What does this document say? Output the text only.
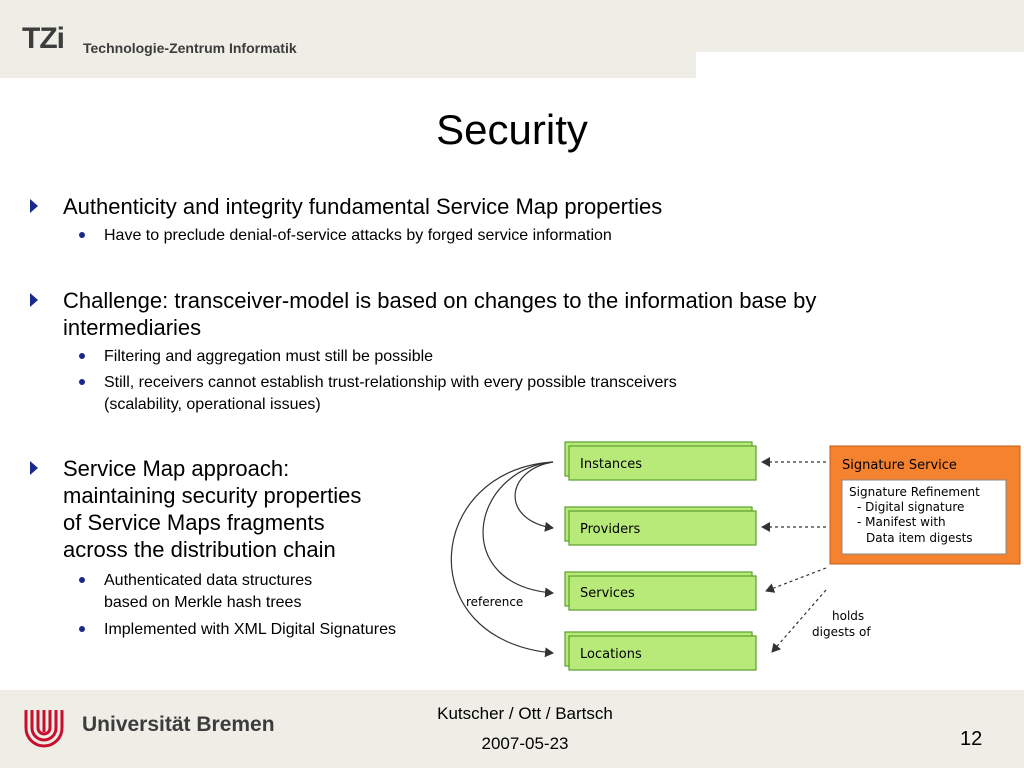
TZi Technologie-Zentrum Informatik
Security
Authenticity and integrity fundamental Service Map properties
Have to preclude denial-of-service attacks by forged service information
Challenge: transceiver-model is based on changes to the information base by
intermediaries
Filtering and aggregation must still be possible
Still, receivers cannot establish trust-relationship with every possible transceivers
(scalability, operational issues)
Service Map approach:
maintaining security properties
of Service Maps fragments
across the distribution chain
Authenticated data structures
based on Merkle hash trees
Implemented with XML Digital Signatures
Instances
Providers
Services
Locations
reference
Signature Service
Signature Refinement
- Digital signature
- Manifest with
Data item digests
holds
digests of
Universität Bremen	Kutscher / Ott / Bartsch
2007-05-23	12
